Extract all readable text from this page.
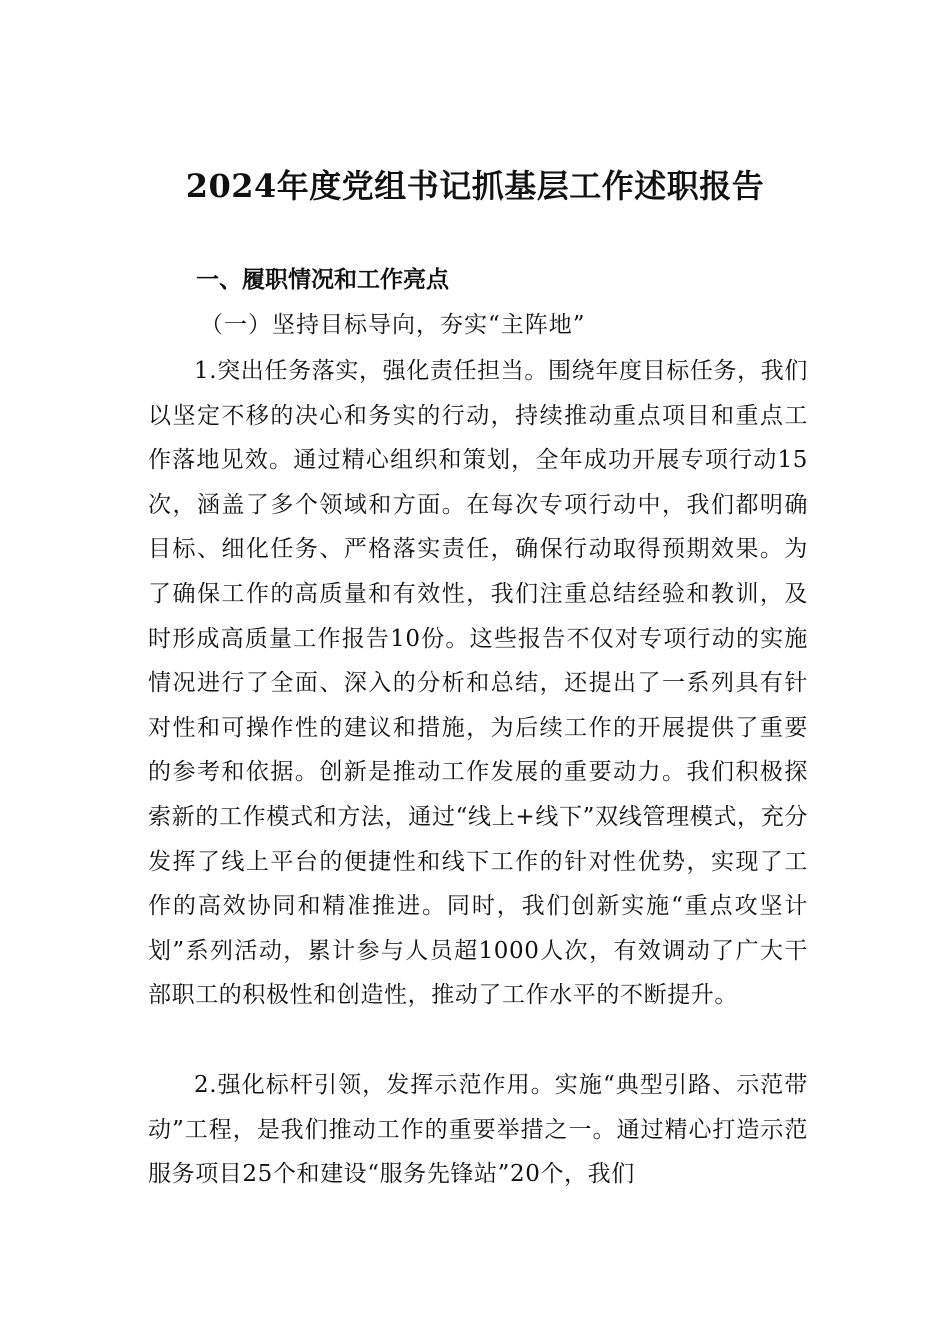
2024年度党组书记抓基层工作述职报告
一、履职情况和工作亮点
（一）坚持目标导向，夯实“主阵地”

1.突出任务落实，强化责任担当。围绕年度目标任务，我们以坚定不移的决心和务实的行动，持续推动重点项目和重点工作落地见效。通过精心组织和策划，全年成功开展专项行动15次，涵盖了多个领域和方面。在每次专项行动中，我们都明确目标、细化任务、严格落实责任，确保行动取得预期效果。为了确保工作的高质量和有效性，我们注重总结经验和教训，及时形成高质量工作报告10份。这些报告不仅对专项行动的实施情况进行了全面、深入的分析和总结，还提出了一系列具有针对性和可操作性的建议和措施，为后续工作的开展提供了重要的参考和依据。创新是推动工作发展的重要动力。我们积极探索新的工作模式和方法，通过“线上+线下”双线管理模式，充分发挥了线上平台的便捷性和线下工作的针对性优势，实现了工作的高效协同和精准推进。同时，我们创新实施“重点攻坚计划”系列活动，累计参与人员超1000人次，有效调动了广大干部职工的积极性和创造性，推动了工作水平的不断提升。

2.强化标杆引领，发挥示范作用。实施“典型引路、示范带动”工程，是我们推动工作的重要举措之一。通过精心打造示范服务项目25个和建设“服务先锋站”20个，我们
